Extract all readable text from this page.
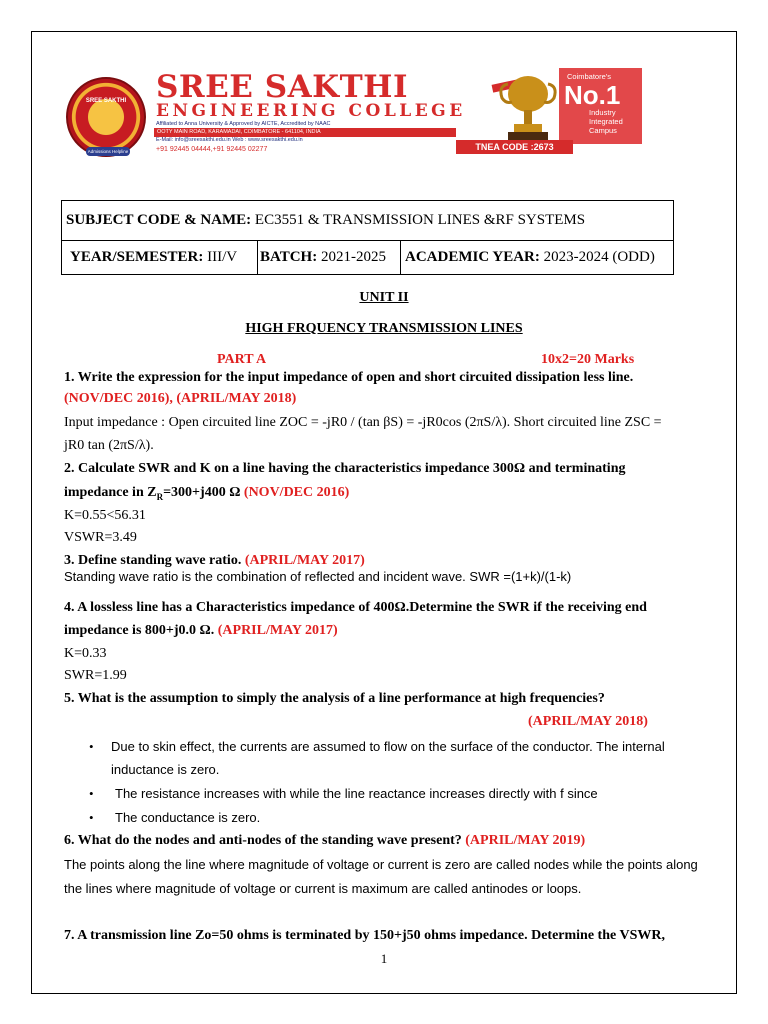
SREE SAKTHI
Admissions Helpline
SREE SAKTHI
ENGINEERING COLLEGE
Affiliated to Anna University & Approved by AICTE, Accredited by NAAC
OOTY MAIN ROAD, KARAMADAI, COIMBATORE - 641104, INDIA
E-Mail: info@sreesakthi.edu.in Web : www.sreesakthi.edu.in
+91 92445 04444,+91 92445 02277
Coimbatore's
No.1
Industry
Integrated
Campus
TNEA CODE :2673
SUBJECT CODE & NAME: EC3551 & TRANSMISSION LINES &RF SYSTEMS
YEAR/SEMESTER: III/V	BATCH: 2021-2025	ACADEMIC YEAR: 2023-2024 (ODD)
UNIT II
HIGH FRQUENCY TRANSMISSION LINES
PART A	10x2=20 Marks
1. Write the expression for the input impedance of open and short circuited dissipation less line.
(NOV/DEC 2016), (APRIL/MAY 2018)
Input impedance : Open circuited line ZOC = -jR0 / (tan βS) = -jR0cos (2πS/λ). Short circuited line ZSC =
jR0 tan (2πS/λ).
2. Calculate SWR and K on a line having the characteristics impedance 300Ω and terminating
impedance in $Z_R=300+j400$ Ω (NOV/DEC 2016)
K=0.55<56.31
VSWR=3.49
3. Define standing wave ratio. (APRIL/MAY 2017)
Standing wave ratio is the combination of reflected and incident wave. SWR =(1+k)/(1-k)
4. A lossless line has a Characteristics impedance of 400Ω.Determine the SWR if the receiving end
impedance is 800+j0.0 Ω. (APRIL/MAY 2017)
K=0.33
SWR=1.99
5. What is the assumption to simply the analysis of a line performance at high frequencies?
(APRIL/MAY 2018)
• Due to skin effect, the currents are assumed to flow on the surface of the conductor. The internal
inductance is zero.
• The resistance increases with while the line reactance increases directly with f since
• The conductance is zero.
6. What do the nodes and anti-nodes of the standing wave present? (APRIL/MAY 2019)
The points along the line where magnitude of voltage or current is zero are called nodes while the points along
the lines where magnitude of voltage or current is maximum are called antinodes or loops.
7. A transmission line Zo=50 ohms is terminated by 150+j50 ohms impedance. Determine the VSWR,
1
